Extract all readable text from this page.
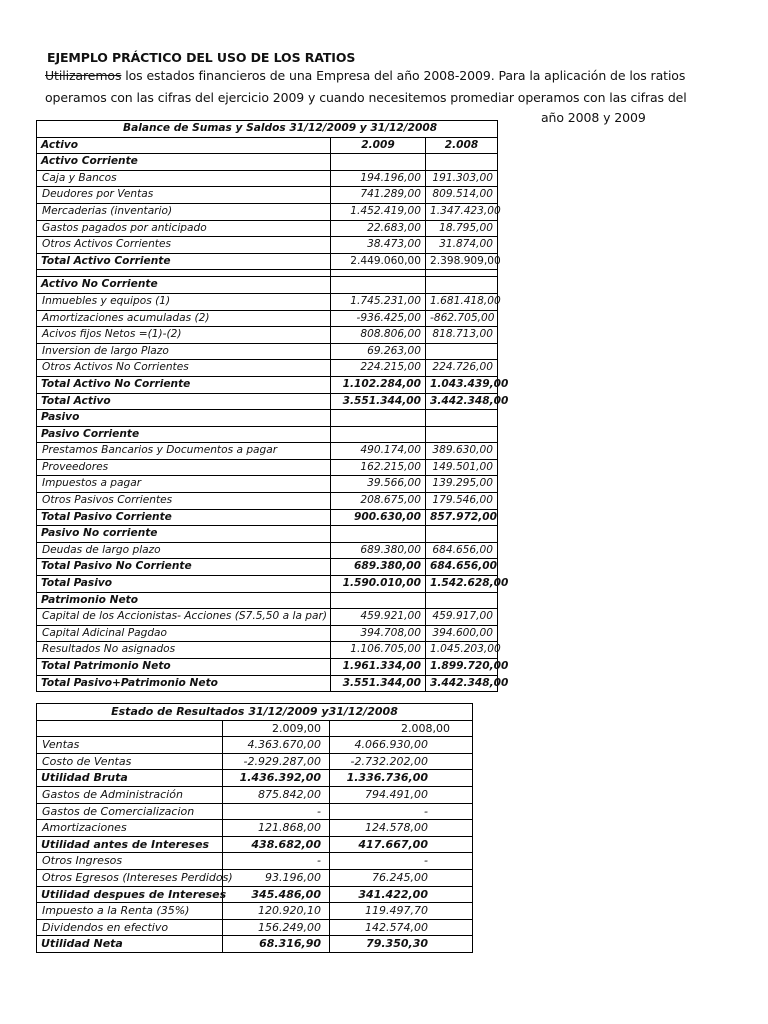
EJEMPLO PRÁCTICO DEL USO DE LOS RATIOS
Utilizaremos los estados financieros de una Empresa del año 2008-2009. Para la aplicación de los ratios
operamos con las cifras del ejercicio 2009 y cuando necesitemos promediar operamos con las cifras del
año 2008 y 2009
Balance de Sumas y Saldos 31/12/2009 y 31/12/2008		
Activo	2.009	2.008
Activo Corriente		
Caja y Bancos	194.196,00	191.303,00
Deudores por Ventas	741.289,00	809.514,00
Mercaderias (inventario)	1.452.419,00	1.347.423,00
Gastos pagados por anticipado	22.683,00	18.795,00
Otros Activos Corrientes	38.473,00	31.874,00
Total Activo Corriente	2.449.060,00	2.398.909,00

Activo No Corriente		
Inmuebles y equipos (1)	1.745.231,00	1.681.418,00
Amortizaciones acumuladas (2)	-936.425,00	-862.705,00
Acivos fijos Netos =(1)-(2)	808.806,00	818.713,00
Inversion de largo Plazo	69.263,00	
Otros Activos No Corrientes	224.215,00	224.726,00
Total Activo No Corriente	1.102.284,00	1.043.439,00
Total Activo	3.551.344,00	3.442.348,00
Pasivo		
Pasivo Corriente		
Prestamos Bancarios y Documentos a pagar	490.174,00	389.630,00
Proveedores	162.215,00	149.501,00
Impuestos a pagar	39.566,00	139.295,00
Otros Pasivos Corrientes	208.675,00	179.546,00
Total Pasivo Corriente	900.630,00	857.972,00
Pasivo No corriente		
Deudas de largo plazo	689.380,00	684.656,00
Total Pasivo No Corriente	689.380,00	684.656,00
Total Pasivo	1.590.010,00	1.542.628,00
Patrimonio Neto		
Capital de los Accionistas- Acciones (S7.5,50 a la par)	459.921,00	459.917,00
Capital Adicinal Pagdao	394.708,00	394.600,00
Resultados No asignados	1.106.705,00	1.045.203,00
Total Patrimonio Neto	1.961.334,00	1.899.720,00
Total Pasivo+Patrimonio Neto	3.551.344,00	3.442.348,00
Estado de Resultados 31/12/2009 y31/12/2008		
	2.009,00	2.008,00
Ventas	4.363.670,00	4.066.930,00
Costo de Ventas	-2.929.287,00	-2.732.202,00
Utilidad Bruta	1.436.392,00	1.336.736,00
Gastos de Administración	875.842,00	794.491,00
Gastos de Comercializacion	-	-
Amortizaciones	121.868,00	124.578,00
Utilidad antes de Intereses	438.682,00	417.667,00
Otros Ingresos	-	-
Otros Egresos (Intereses Perdidos)	93.196,00	76.245,00
Utilidad despues de Intereses	345.486,00	341.422,00
Impuesto a la Renta (35%)	120.920,10	119.497,70
Dividendos en efectivo	156.249,00	142.574,00
Utilidad Neta	68.316,90	79.350,30
